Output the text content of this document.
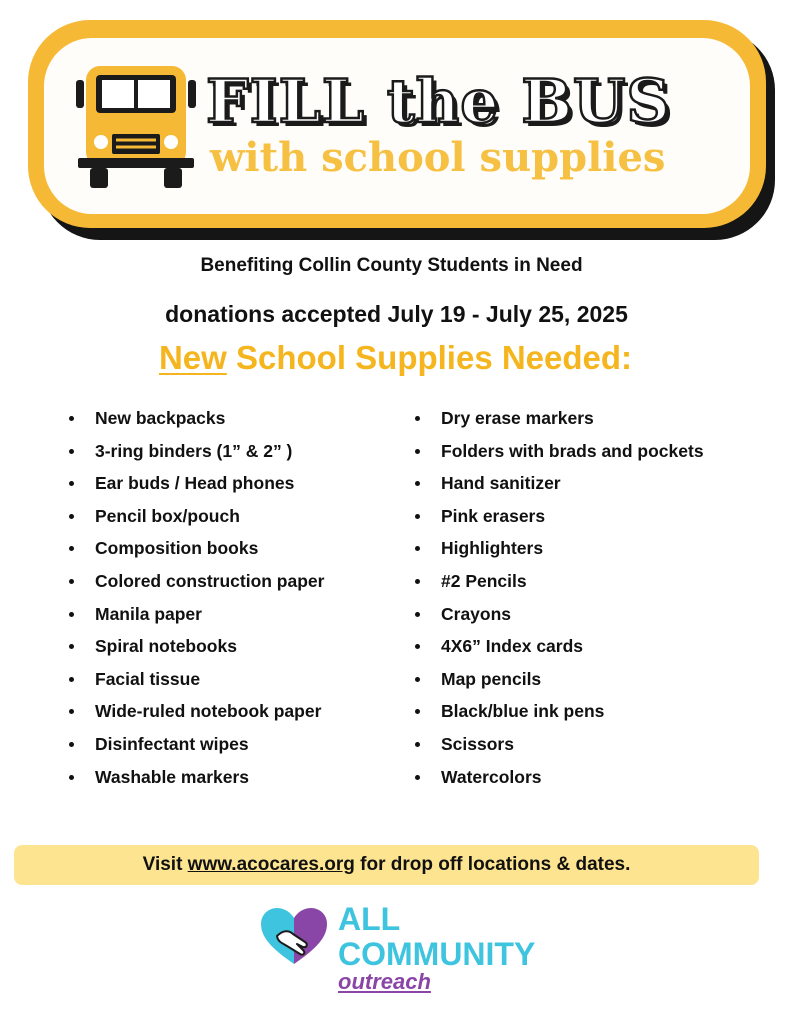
FILL the BUS
with school supplies
Benefiting Collin County Students in Need
donations accepted July 19 - July 25, 2025
New School Supplies Needed:
New backpacks
3-ring binders (1” & 2” )
Ear buds / Head phones
Pencil box/pouch
Composition books
Colored construction paper
Manila paper
Spiral notebooks
Facial tissue
Wide-ruled notebook paper
Disinfectant wipes
Washable markers
Dry erase markers
Folders with brads and pockets
Hand sanitizer
Pink erasers
Highlighters
#2 Pencils
Crayons
4X6” Index cards
Map pencils
Black/blue ink pens
Scissors
Watercolors
Visit www.acocares.org for drop off locations & dates.
ALL
COMMUNITY
outreach
